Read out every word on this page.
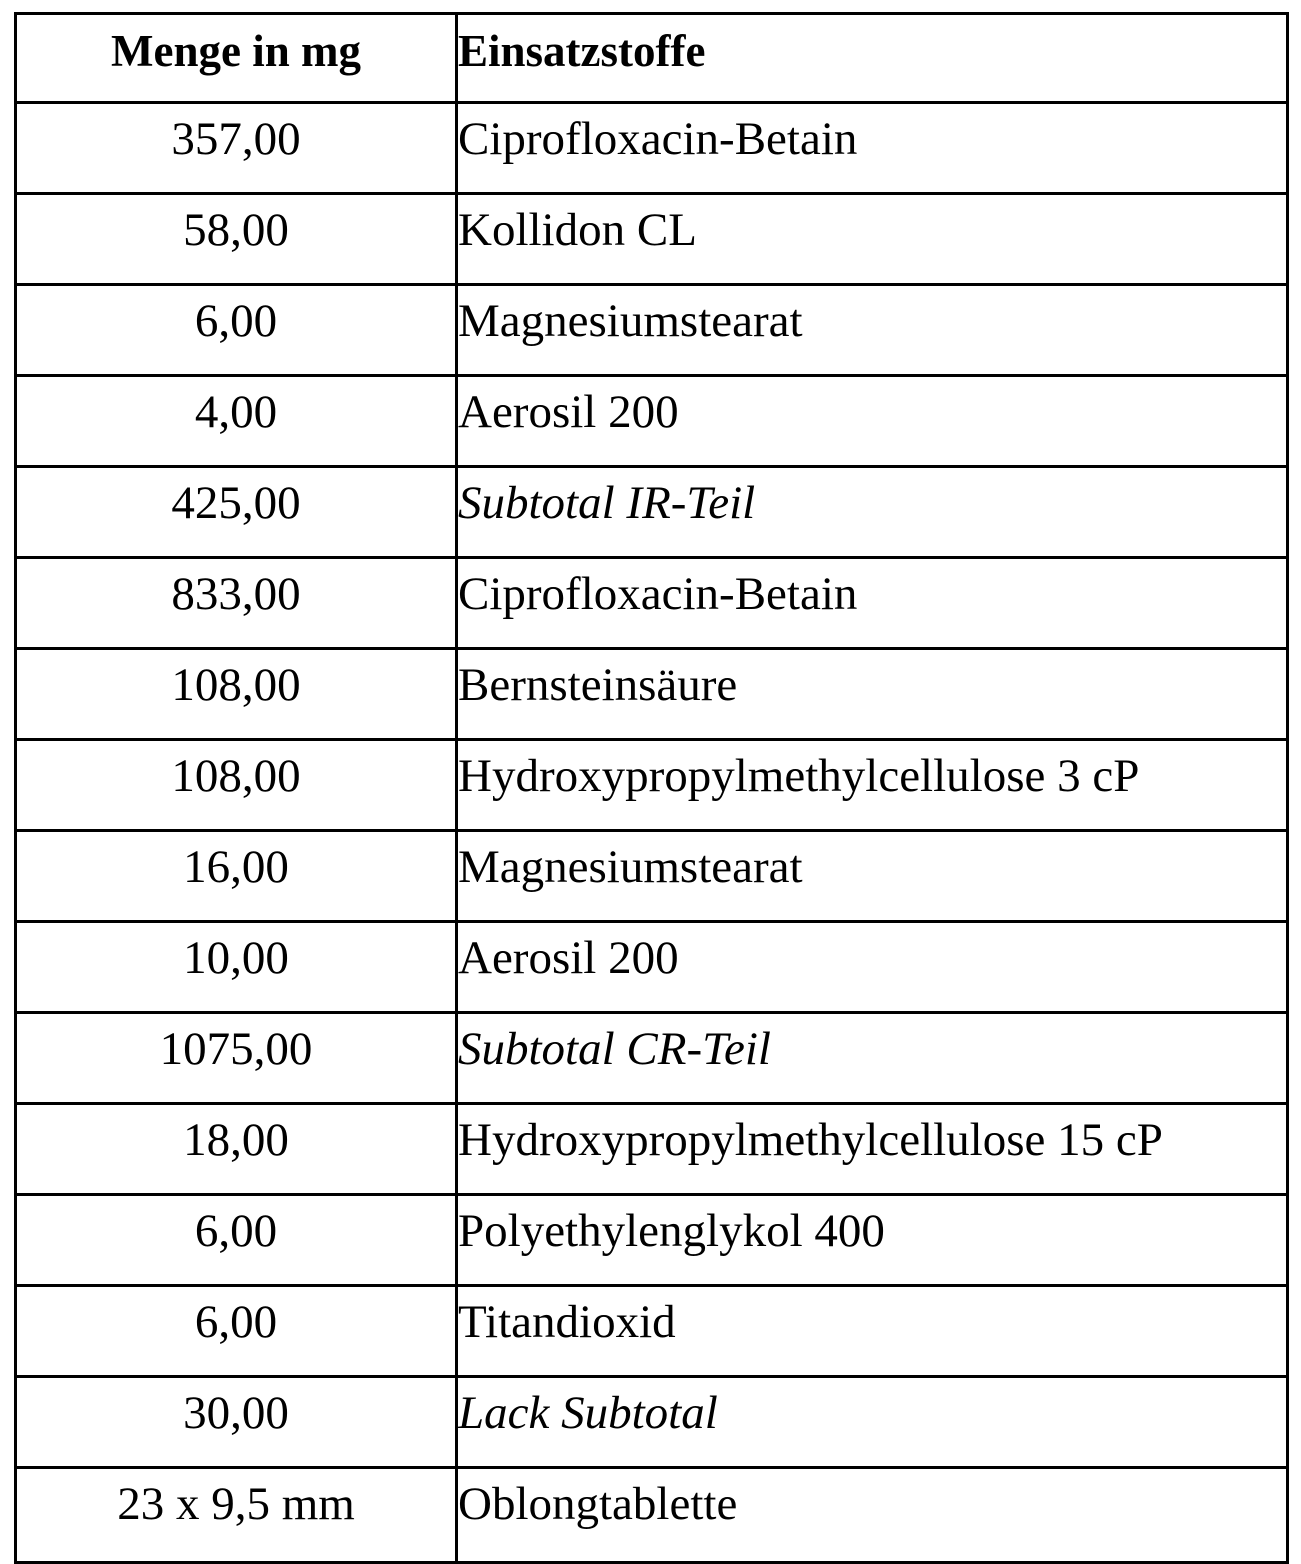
Menge in mg	Einsatzstoffe
357,00	Ciprofloxacin-Betain
58,00	Kollidon CL
6,00	Magnesiumstearat
4,00	Aerosil 200
425,00	Subtotal IR-Teil
833,00	Ciprofloxacin-Betain
108,00	Bernsteinsäure
108,00	Hydroxypropylmethylcellulose 3 cP
16,00	Magnesiumstearat
10,00	Aerosil 200
1075,00	Subtotal CR-Teil
18,00	Hydroxypropylmethylcellulose 15 cP
6,00	Polyethylenglykol 400
6,00	Titandioxid
30,00	Lack Subtotal
23 x 9,5 mm	Oblongtablette
